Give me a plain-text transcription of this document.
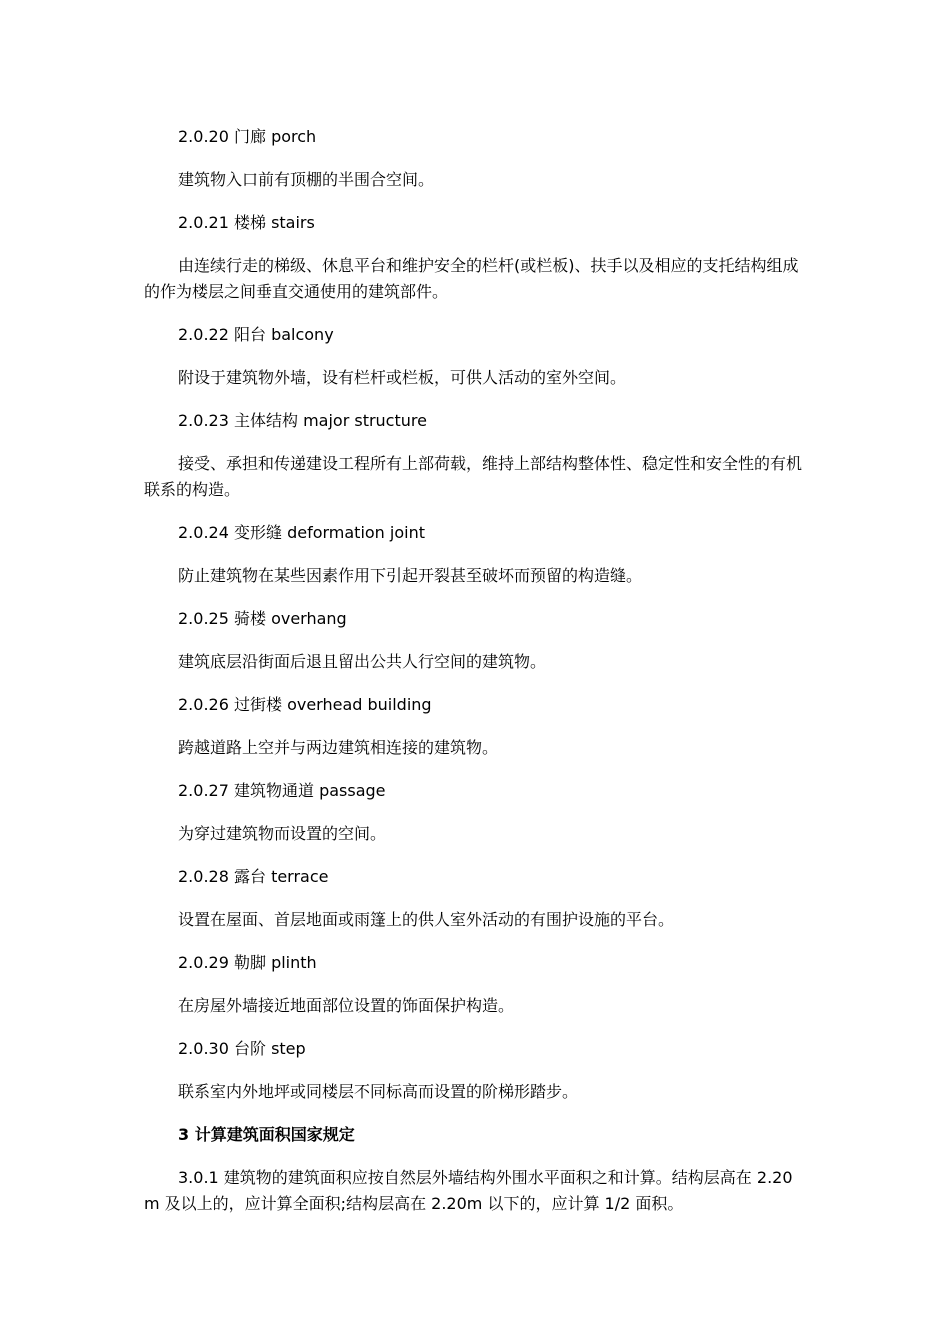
2.0.20 门廊 porch

建筑物入口前有顶棚的半围合空间。

2.0.21 楼梯 stairs

由连续行走的梯级、休息平台和维护安全的栏杆(或栏板)、扶手以及相应的支托结构组成的作为楼层之间垂直交通使用的建筑部件。

2.0.22 阳台 balcony

附设于建筑物外墙，设有栏杆或栏板，可供人活动的室外空间。

2.0.23 主体结构 major structure

接受、承担和传递建设工程所有上部荷载，维持上部结构整体性、稳定性和安全性的有机联系的构造。

2.0.24 变形缝 deformation joint

防止建筑物在某些因素作用下引起开裂甚至破坏而预留的构造缝。

2.0.25 骑楼 overhang

建筑底层沿街面后退且留出公共人行空间的建筑物。

2.0.26 过街楼 overhead building

跨越道路上空并与两边建筑相连接的建筑物。

2.0.27 建筑物通道 passage

为穿过建筑物而设置的空间。

2.0.28 露台 terrace

设置在屋面、首层地面或雨篷上的供人室外活动的有围护设施的平台。

2.0.29 勒脚 plinth

在房屋外墙接近地面部位设置的饰面保护构造。

2.0.30 台阶 step

联系室内外地坪或同楼层不同标高而设置的阶梯形踏步。

3 计算建筑面积国家规定

3.0.1 建筑物的建筑面积应按自然层外墙结构外围水平面积之和计算。结构层高在 2.20m 及以上的，应计算全面积;结构层高在 2.20m 以下的，应计算 1/2 面积。
